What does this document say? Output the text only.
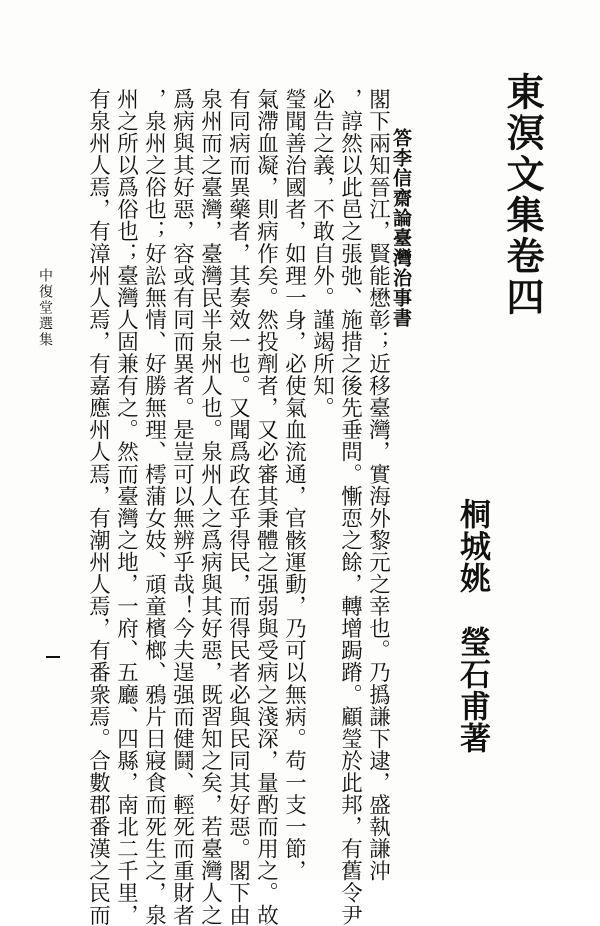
東溟文集卷四
桐城姚　瑩石甫著
答李信齋論臺灣治事書
閣下兩知晉江，賢能懋彰；近移臺灣，實海外黎元之幸也。乃撝謙下逮，盛執謙沖
，諄然以此邑之張弛、施措之後先垂問。慚恧之餘，轉增跼蹐。顧瑩於此邦，有舊令尹
必告之義，不敢自外。謹竭所知。
瑩聞善治國者，如理一身，必使氣血流通，官骸運動，乃可以無病。苟一支一節，
氣滯血凝，則病作矣。然投劑者，又必審其秉體之强弱與受病之淺深，量酌而用之。故
有同病而異藥者，其奏效一也。又聞爲政在乎得民，而得民者必與民同其好惡。閣下由
泉州而之臺灣，臺灣民半泉州人也。泉州人之爲病與其好惡，既習知之矣，若臺灣人之
爲病與其好惡，容或有同而異者。是豈可以無辨乎哉！今夫逞强而健鬪、輕死而重財者
，泉州之俗也；好訟無情、好勝無理、樗蒲女妓、頑童檳榔、鴉片日寢食而死生之，泉
州之所以爲俗也；臺灣人固兼有之。然而臺灣之地，一府、五廳、四縣，南北二千里，
有泉州人焉，有漳州人焉，有嘉應州人焉，有潮州人焉，有番衆焉。合數郡番漢之民而
中復堂選集
